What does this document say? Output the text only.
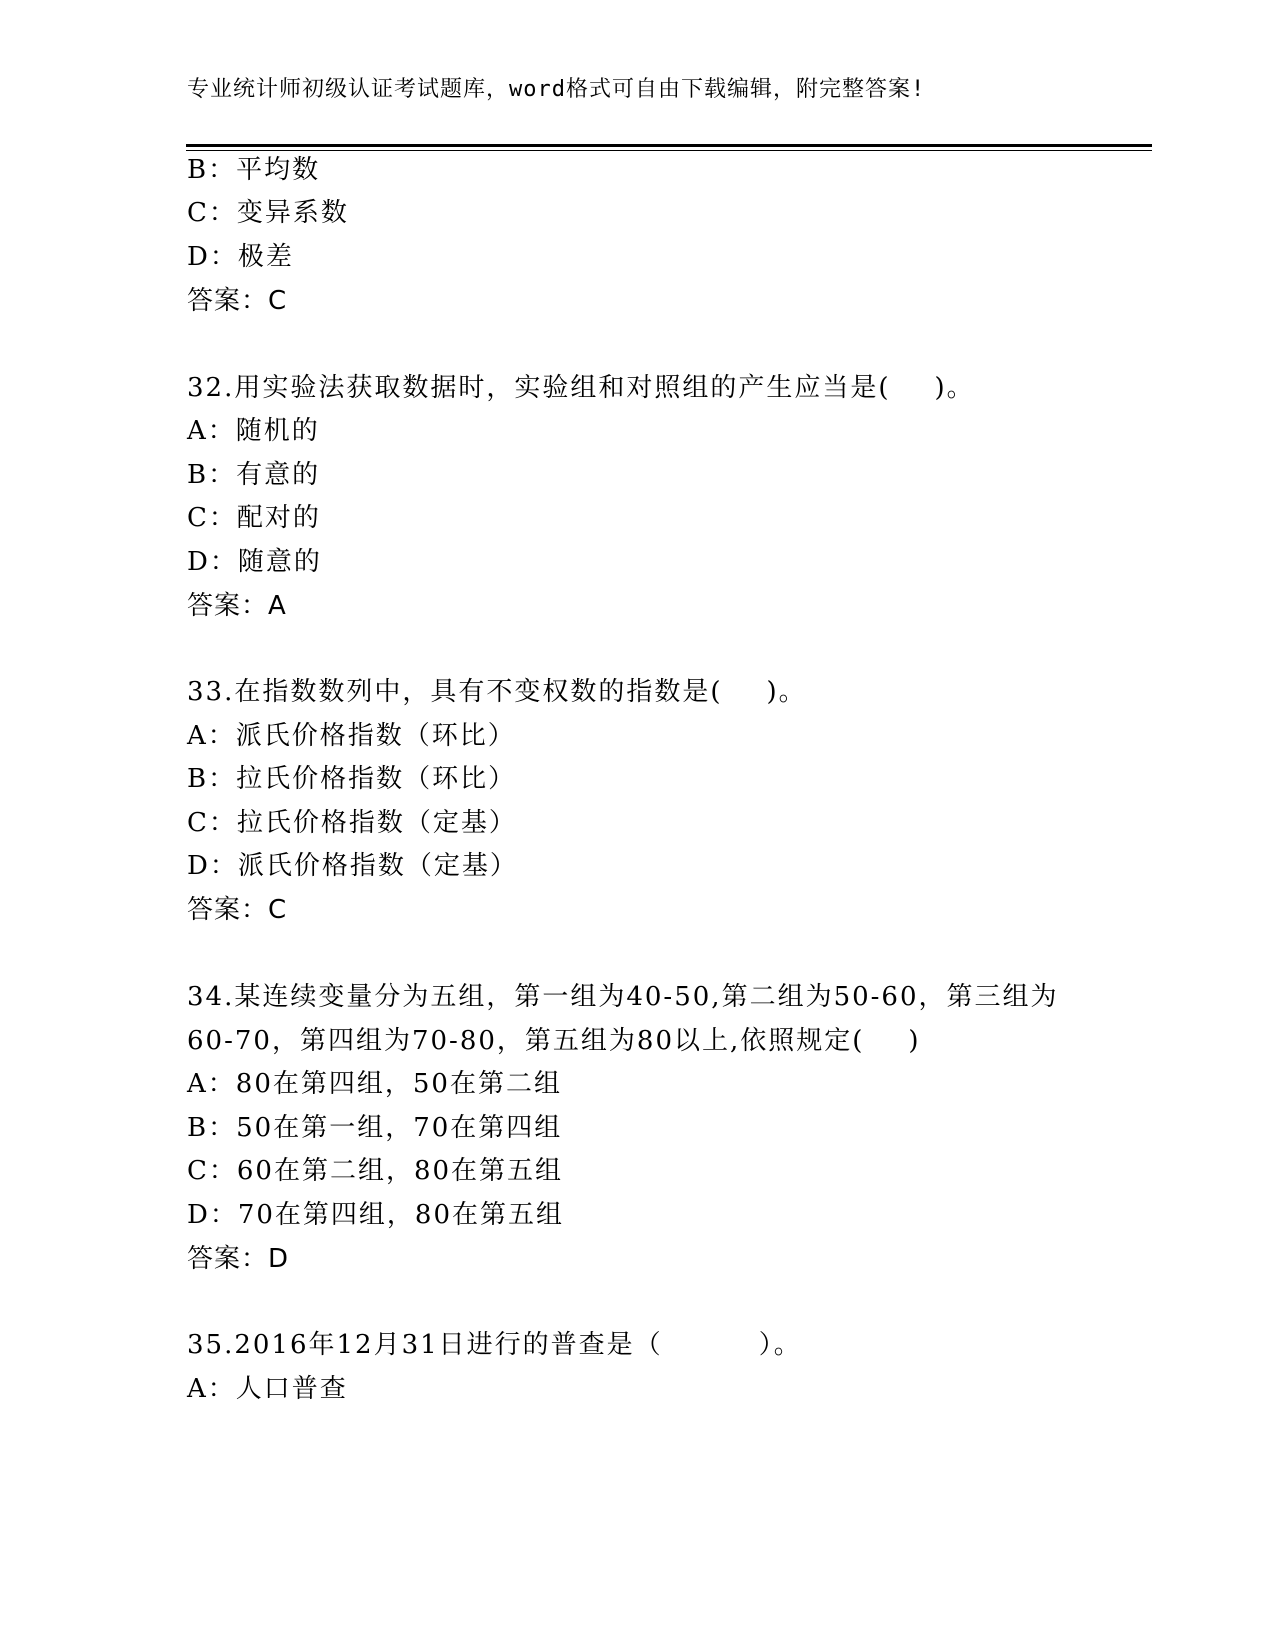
专业统计师初级认证考试题库，word格式可自由下载编辑，附完整答案!
B：平均数
C：变异系数
D：极差
答案：C
32.用实验法获取数据时，实验组和对照组的产生应当是( )。
A：随机的
B：有意的
C：配对的
D：随意的
答案：A
33.在指数数列中，具有不变权数的指数是( )。
A：派氏价格指数（环比）
B：拉氏价格指数（环比）
C：拉氏价格指数（定基）
D：派氏价格指数（定基）
答案：C
34.某连续变量分为五组，第一组为40-50,第二组为50-60，第三组为
60-70，第四组为70-80，第五组为80以上,依照规定( )
A：80在第四组，50在第二组
B：50在第一组，70在第四组
C：60在第二组，80在第五组
D：70在第四组，80在第五组
答案：D
35.2016年12月31日进行的普查是（	）。
A：人口普查
